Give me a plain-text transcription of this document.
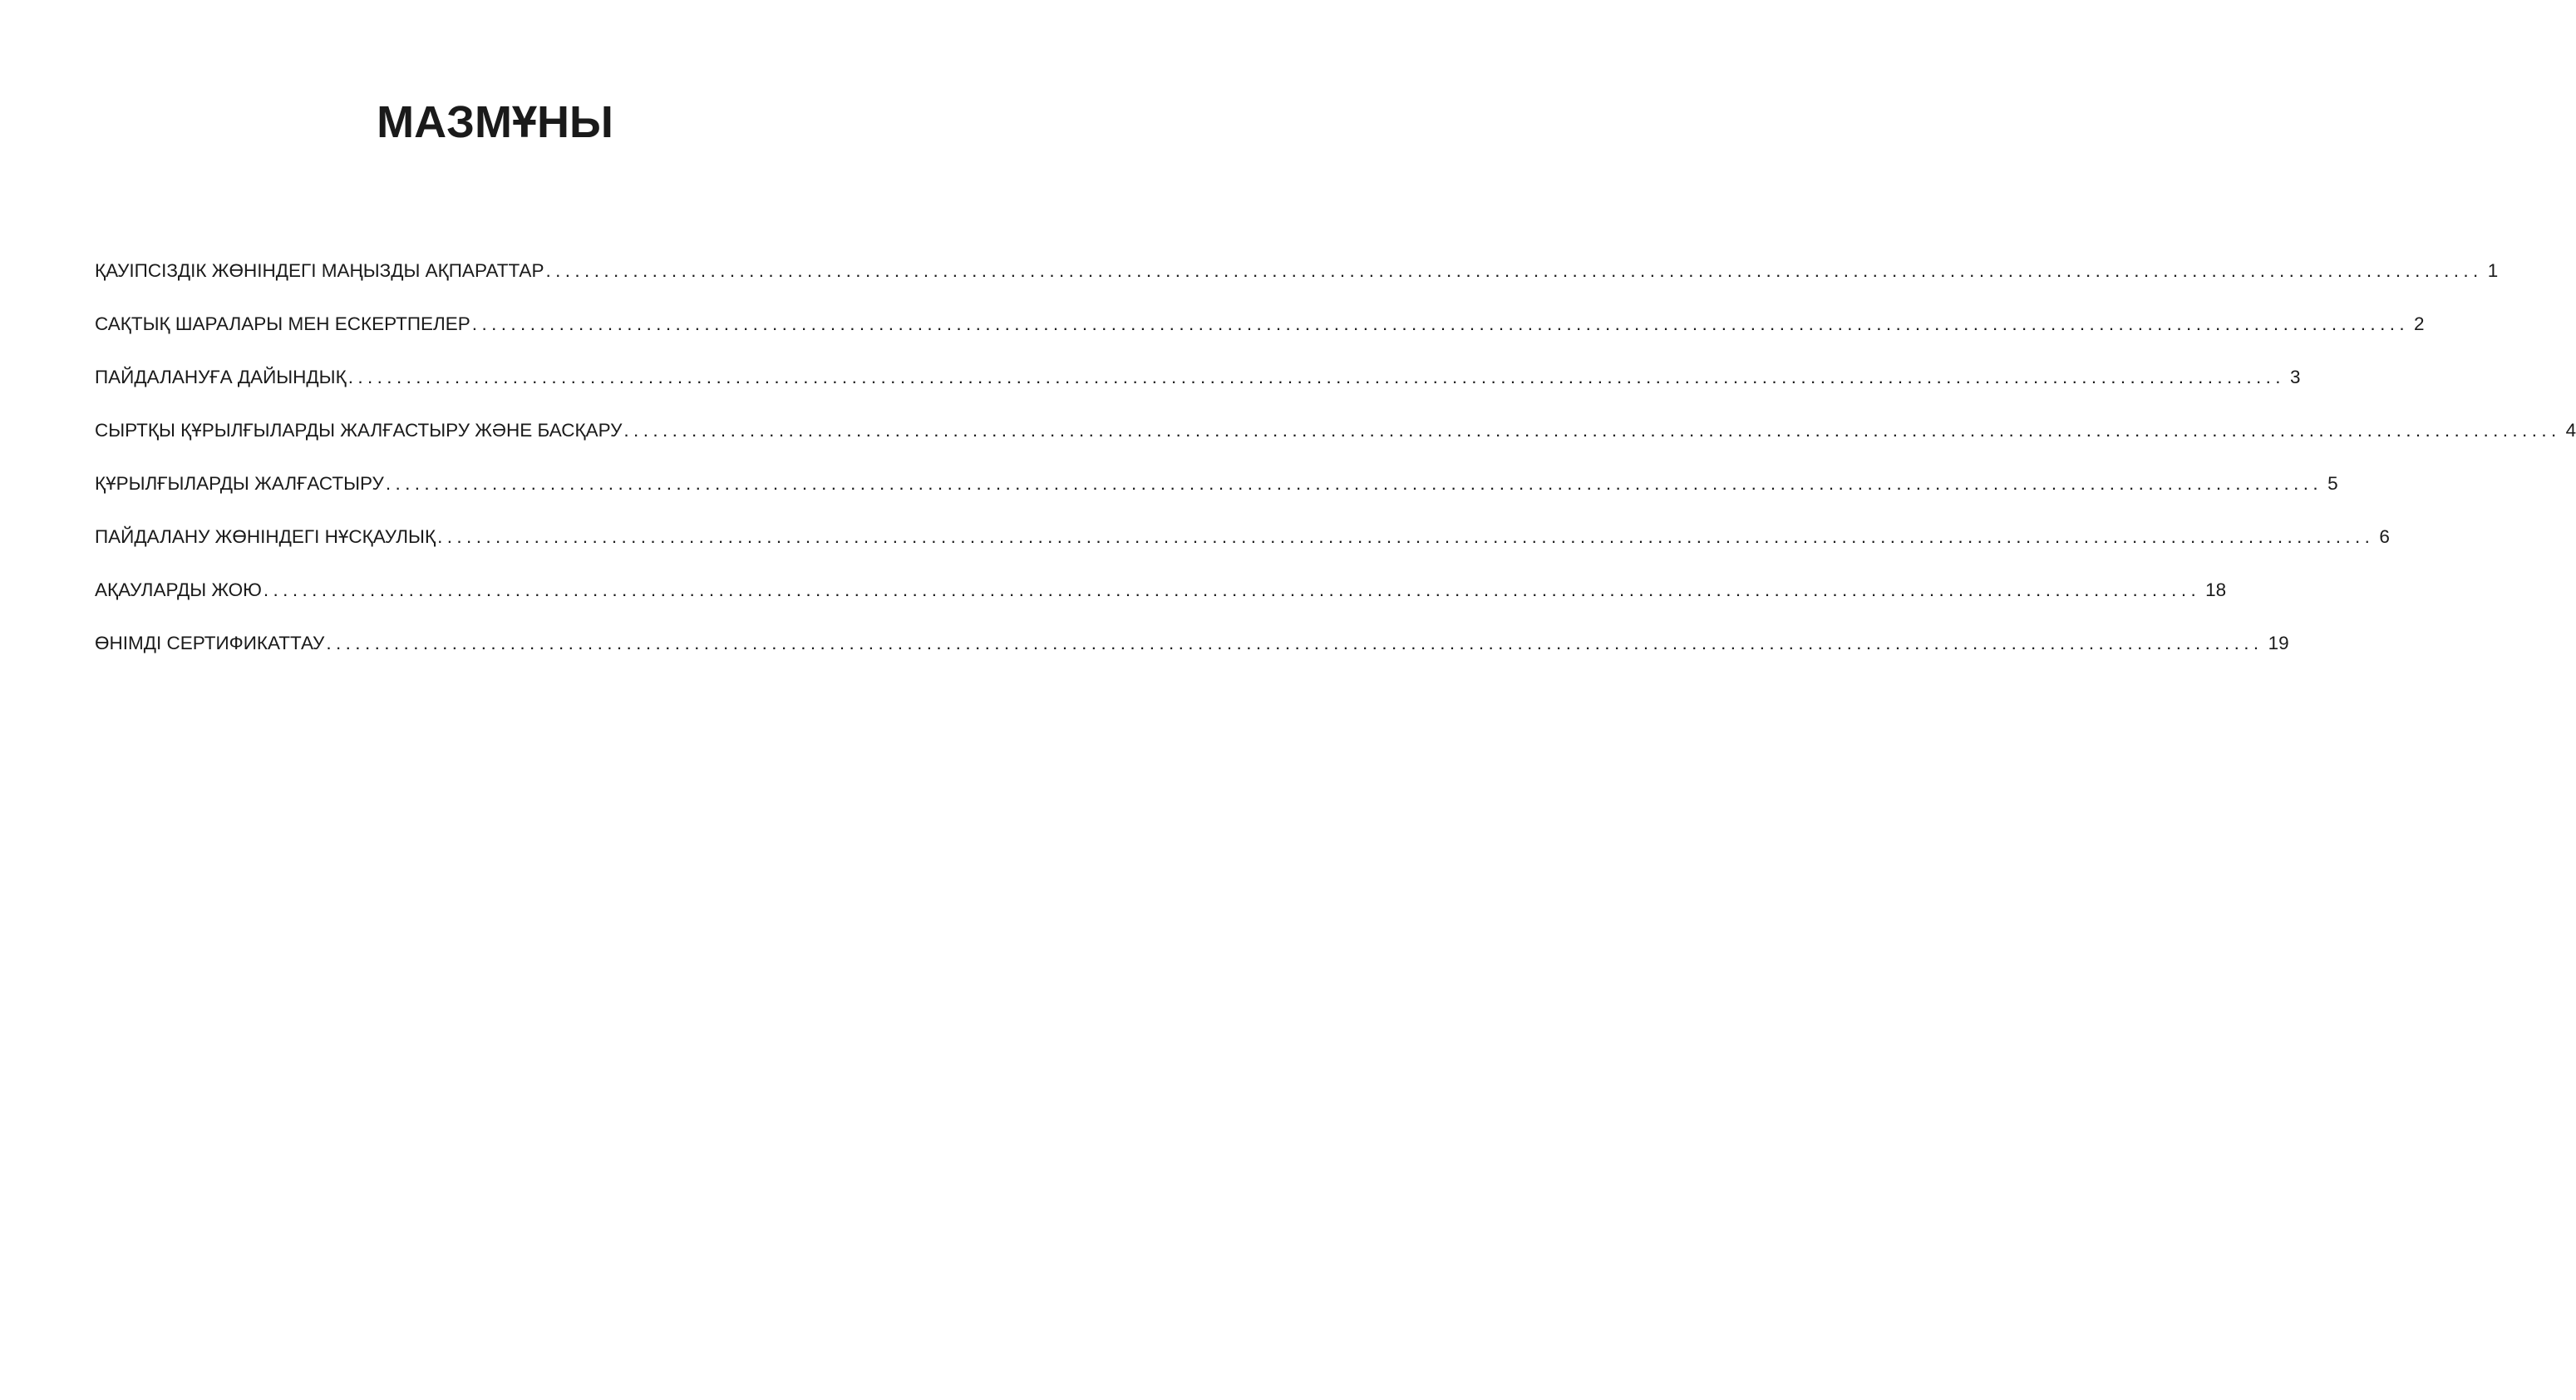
МАЗМҰНЫ
ҚАУІПСІЗДІК ЖӨНІНДЕГІ МАҢЫЗДЫ АҚПАРАТТАР ........................................................................................................................................................................................................ 1
САҚТЫҚ ШАРАЛАРЫ МЕН ЕСКЕРТПЕЛЕР ........................................................................................................................................................................................................ 2
ПАЙДАЛАНУҒА ДАЙЫНДЫҚ ........................................................................................................................................................................................................ 3
СЫРТҚЫ ҚҰРЫЛҒЫЛАРДЫ ЖАЛҒАСТЫРУ ЖӘНЕ БАСҚАРУ ........................................................................................................................................................................................................ 4
ҚҰРЫЛҒЫЛАРДЫ ЖАЛҒАСТЫРУ ........................................................................................................................................................................................................ 5
ПАЙДАЛАНУ ЖӨНІНДЕГІ НҰСҚАУЛЫҚ ........................................................................................................................................................................................................ 6
АҚАУЛАРДЫ ЖОЮ ........................................................................................................................................................................................................ 18
ӨНІМДІ СЕРТИФИКАТТАУ ........................................................................................................................................................................................................ 19
